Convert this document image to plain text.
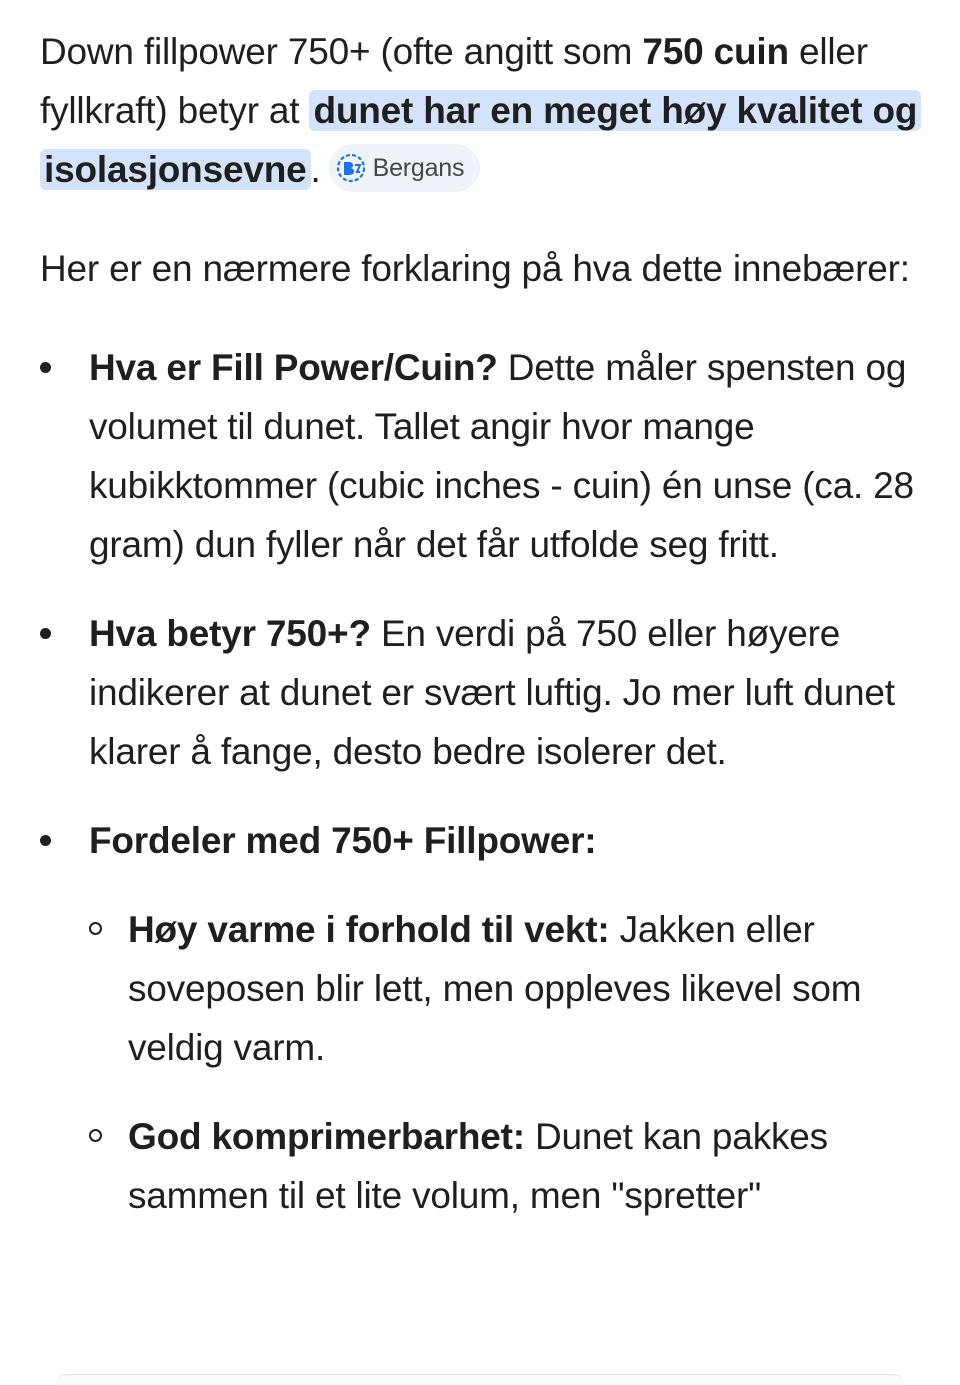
Down fillpower 750+ (ofte angitt som 750 cuin eller fyllkraft) betyr at dunet har en meget høy kvalitet og isolasjonsevne . Bergans

Her er en nærmere forklaring på hva dette innebærer:

Hva er Fill Power/Cuin? Dette måler spensten og volumet til dunet. Tallet angir hvor mange kubikktommer (cubic inches - cuin) én unse (ca. 28 gram) dun fyller når det får utfolde seg fritt.
Hva betyr 750+? En verdi på 750 eller høyere indikerer at dunet er svært luftig. Jo mer luft dunet klarer å fange, desto bedre isolerer det.
Fordeler med 750+ Fillpower:
Høy varme i forhold til vekt: Jakken eller soveposen blir lett, men oppleves likevel som veldig varm.
God komprimerbarhet: Dunet kan pakkes sammen til et lite volum, men "spretter"
